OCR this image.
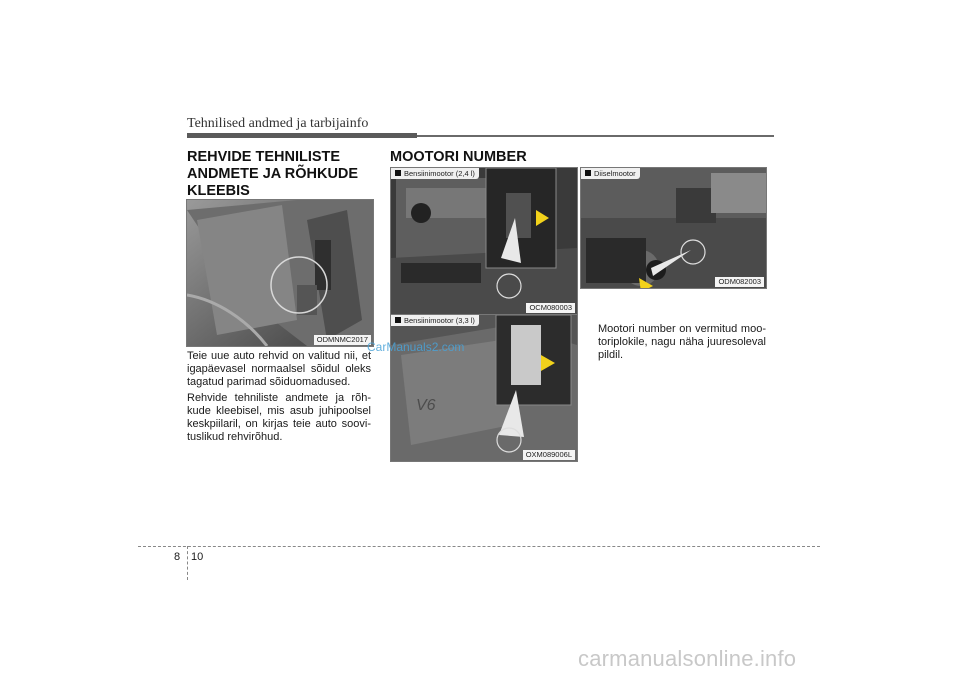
Tehnilised andmed ja tarbijainfo
REHVIDE TEHNILISTE ANDMETE JA RÕHKUDE KLEEBIS
ODMNMC2017

Teie uue auto rehvid on valitud nii, et igapäevasel normaalsel sõidul oleks tagatud parimad sõiduomadused.

Rehvide tehniliste andmete ja rõh-kude kleebisel, mis asub juhipoolsel keskpiilaril, on kirjas teie auto soovi-tuslikud rehvirõhud.

MOOTORI NUMBER
Bensiinimootor (2,4 l)
OCM080003
V6
Bensiinimootor (3,3 l)
OXM089006L
Diiselmootor
ODM082003

Mootori number on vermitud moo-toriplokile, nagu näha juuresoleval pildil.

CarManuals2.com
8 10
carmanualsonline.info
